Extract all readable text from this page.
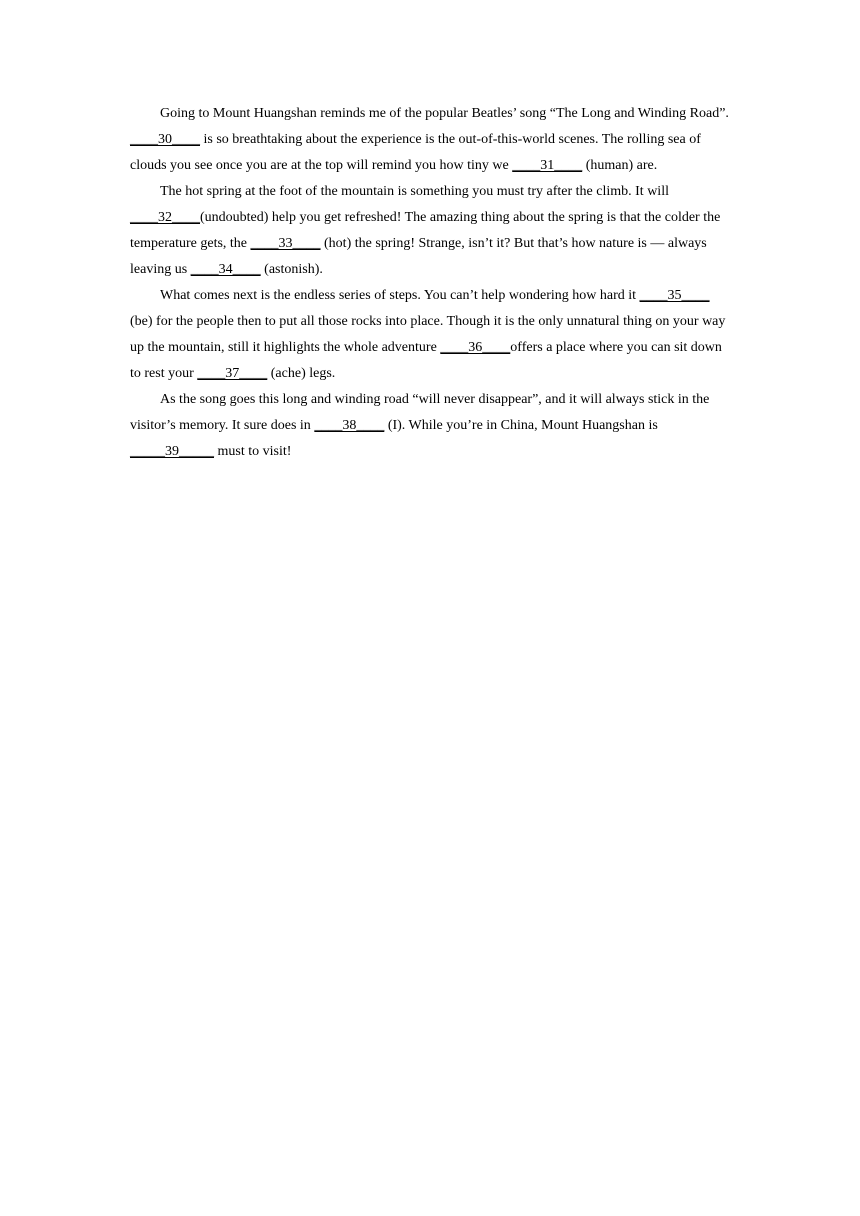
Going to Mount Huangshan reminds me of the popular Beatles’ song “The Long and Winding Road”. ____30____ is so breathtaking about the experience is the out-of-this-world scenes. The rolling sea of clouds you see once you are at the top will remind you how tiny we ____31____ (human) are.

The hot spring at the foot of the mountain is something you must try after the climb. It will ____32____(undoubted) help you get refreshed! The amazing thing about the spring is that the colder the temperature gets, the ____33____ (hot) the spring! Strange, isn’t it? But that’s how nature is — always leaving us ____34____ (astonish).

What comes next is the endless series of steps. You can’t help wondering how hard it ____35____ (be) for the people then to put all those rocks into place. Though it is the only unnatural thing on your way up the mountain, still it highlights the whole adventure ____36____offers a place where you can sit down to rest your ____37____ (ache) legs.

As the song goes this long and winding road “will never disappear”, and it will always stick in the visitor’s memory. It sure does in ____38____ (I). While you’re in China, Mount Huangshan is _____39_____ must to visit!
